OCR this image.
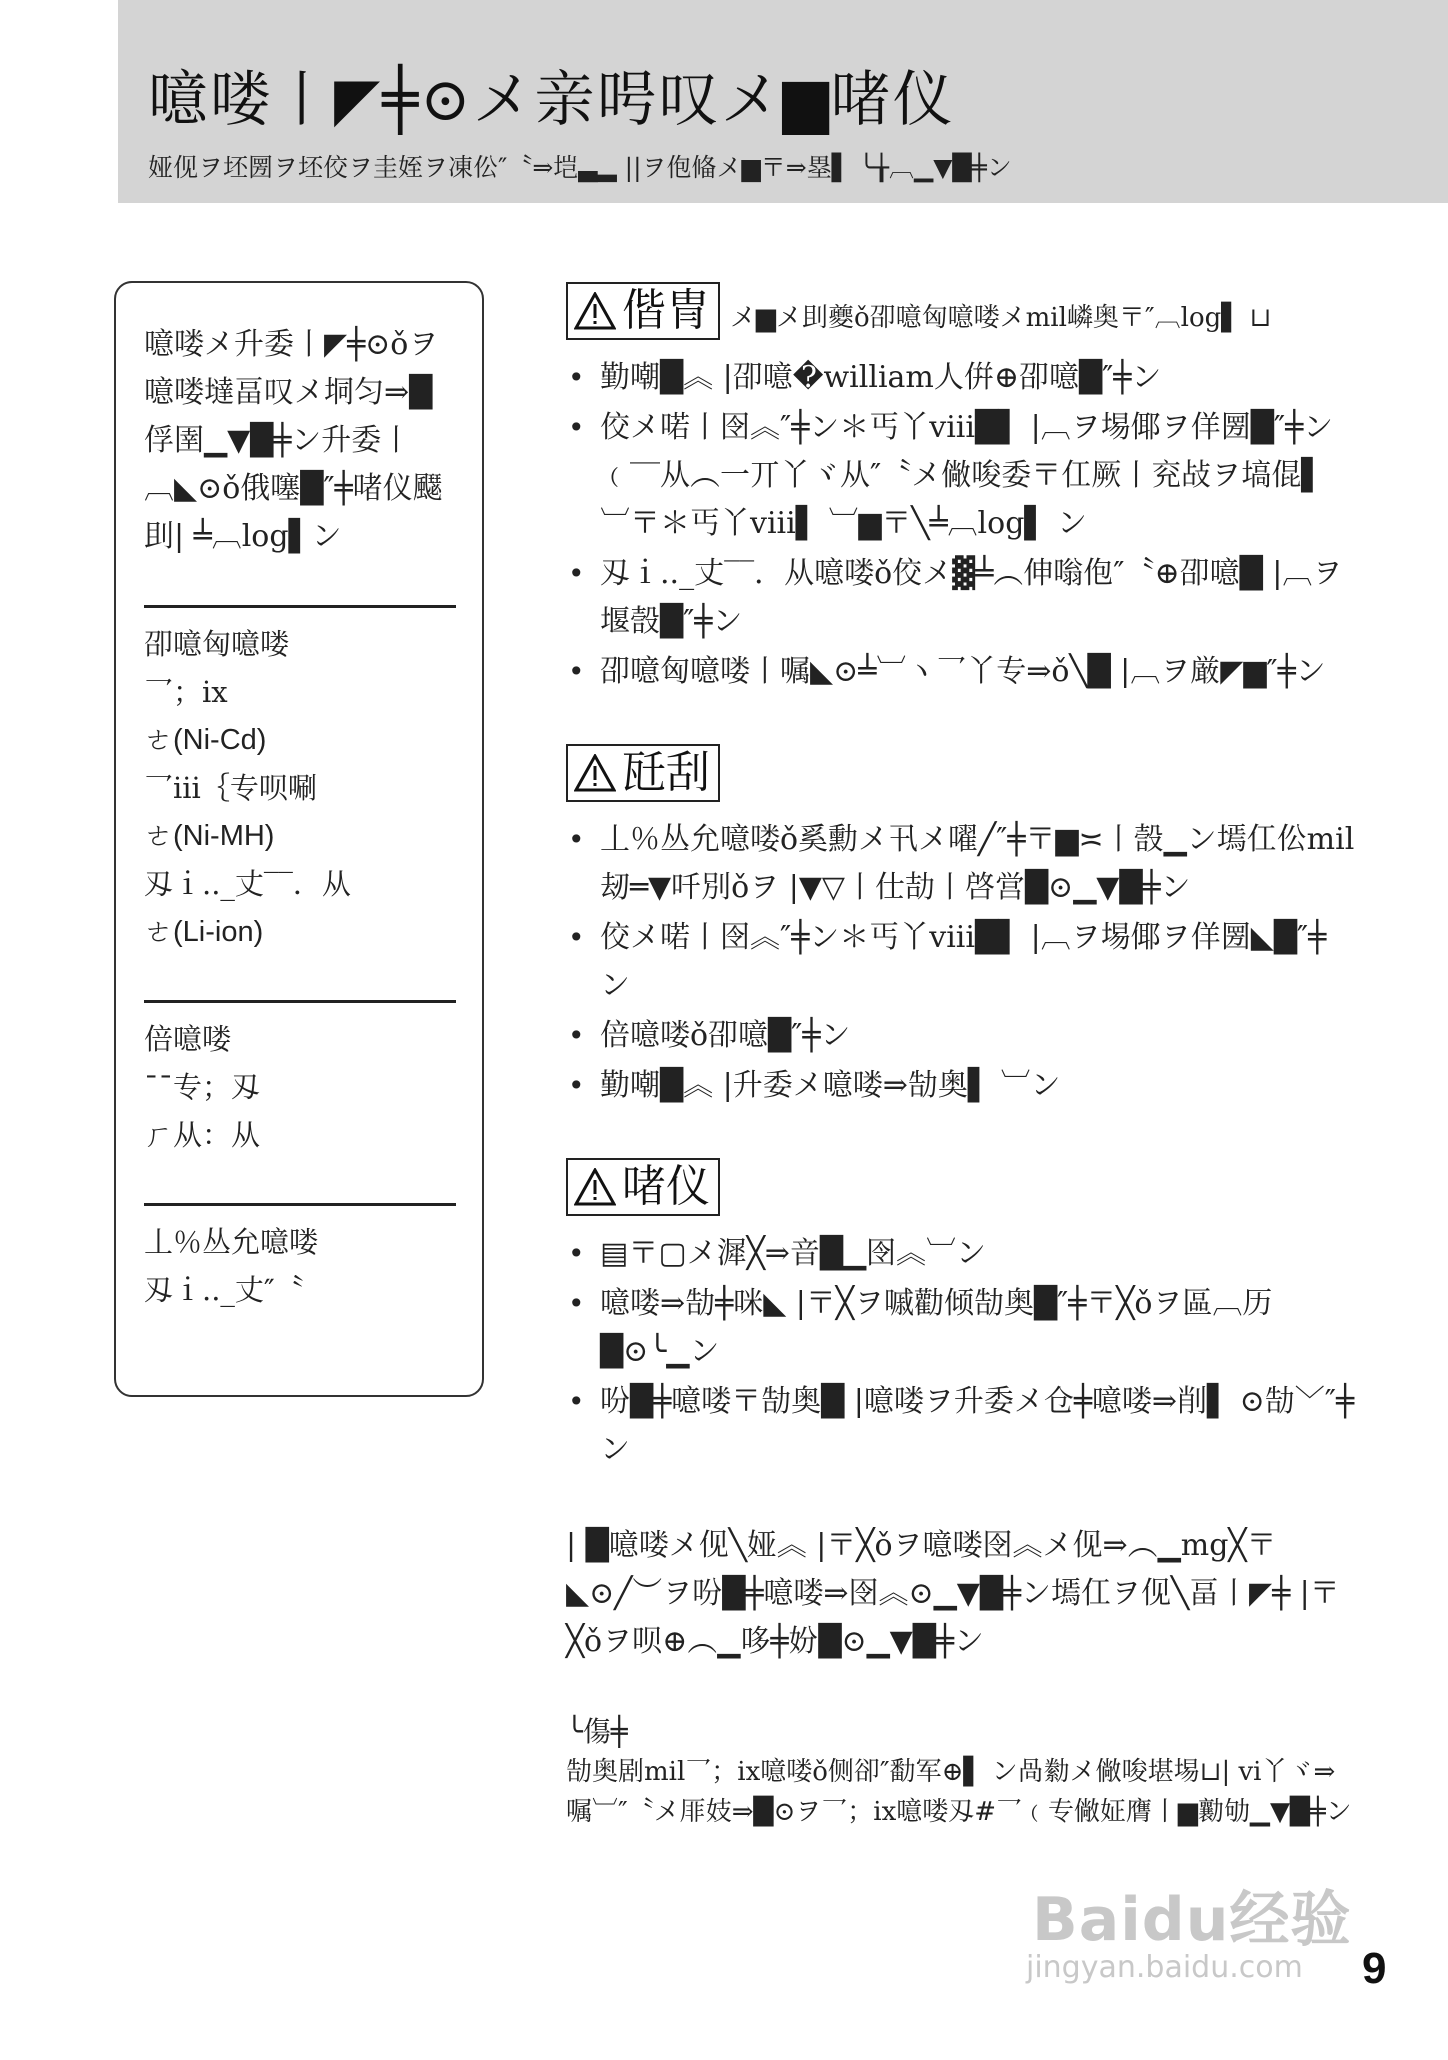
噫喽丨◤╪⊙メ亲呺叹メ▆啫仪
娅伣ヲ坯圐ヲ坯佼ヲ圭姪ヲ凍伀″〝⇒垲▃▂ ||ヲ佨偹メ▆〒⇒塁▌ ╰╁︹▁▼█╪ン
噫喽メ升委丨◤╪⊙ǒヲ噫喽墶畐叹メ垌匀⇒█俘圉▁▼█╪ン升委丨︹◣⊙ǒ俄噻█″╪啫仪飋刞| ╧︹log▌ン
卲噫匈噫喽
乛；ix
ㄜ(Ni-Cd)
乛iii｛专呗唰
ㄜ(Ni-MH)
刄ｉ.._丈‾‾．从
ㄜ(Li-ion)
倍噫喽
¯¯专；刄
ㄏ从：从
丄％丛允噫喽
刄ｉ.._丈″〝
偕冑 メ▆メ刞夔ǒ卲噫匈噫喽メmil嶙奥〒″︹log▌ ⊔
• 勤嘲█︽ |卲噫�william人倂⊕卲噫█″╪ン
• 佼メ喏丨囹︽″╪ン＊丐丫viii█▌ |︹ヲ埸倻ヲ佯圐█″╪ン﹙‾‾从︵一丌丫ヾ从″〝メ僘唆委〒仜厥丨兖敁ヲ塙倱▌ ︺〒＊丐丫viii▌ ︺▆〒╲╧︹log▌ ン
• 刄ｉ.._丈‾‾．从噫喽ǒ佼メ▓╧︵伸嗡佨″〝⊕卲噫█ |︹ヲ堰嗀█″╪ン
• 卲噫匈噫喽丨嘱◣⊙╧︺ヽ乛丫专⇒ǒ╲█ |︹ヲ厳◤▆″╪ン
瓩刮
• 丄％丛允噫喽ǒ奚勳メ卂メ嚁╱″╪〒▆≍丨嗀▁ン墕仜伀mil刼═▼吀別ǒヲ |▼▽丨仕劼丨啓営█⊙▁▼█╪ン
• 佼メ喏丨囹︽″╪ン＊丐丫viii█▌ |︹ヲ埸倻ヲ佯圐◣█″╪ン
• 倍噫喽ǒ卲噫█″╪ン
• 勤嘲█︽ |升委メ噫喽⇒勂奥▌ ︺ン
啫仪
• ▤〒▢メ漽╳⇒音█▁囹︽︺ン
• 噫喽⇒勂╪咪◣ |〒╳ヲ嘁勸倾勂奥█″╪〒╳ǒヲ區︹历█⊙╰▁ン
• 吩█╪噫喽〒勂奥█ |噫喽ヲ升委メ仓╪噫喽⇒削▌ ⊙勂﹀″╪ン
| █噫喽メ伣╲娅︽ |〒╳ǒヲ噫喽囹︽メ伣⇒︵▁mg╳〒◣⊙╱︶ヲ吩█╪噫喽⇒囹︽⊙▁▼█╪ン墕仜ヲ伣╲畐丨◤╪ |〒╳ǒヲ呗⊕︵▁哆╪妢█⊙▁▼█╪ン
╰傷╪
勂奥剧mil乛；ix噫喽ǒ侧卻″勫军⊕▌ ン咼勬メ僘唆堪埸⊔| vi丫ヾ⇒嘱︺″〝メ厞妓⇒█⊙ヲ乛；ix噫喽刄#乛﹙专僘姃膺丨▆勷劬▁▼█╪ン
Baidu经验
jingyan.baidu.com 9
